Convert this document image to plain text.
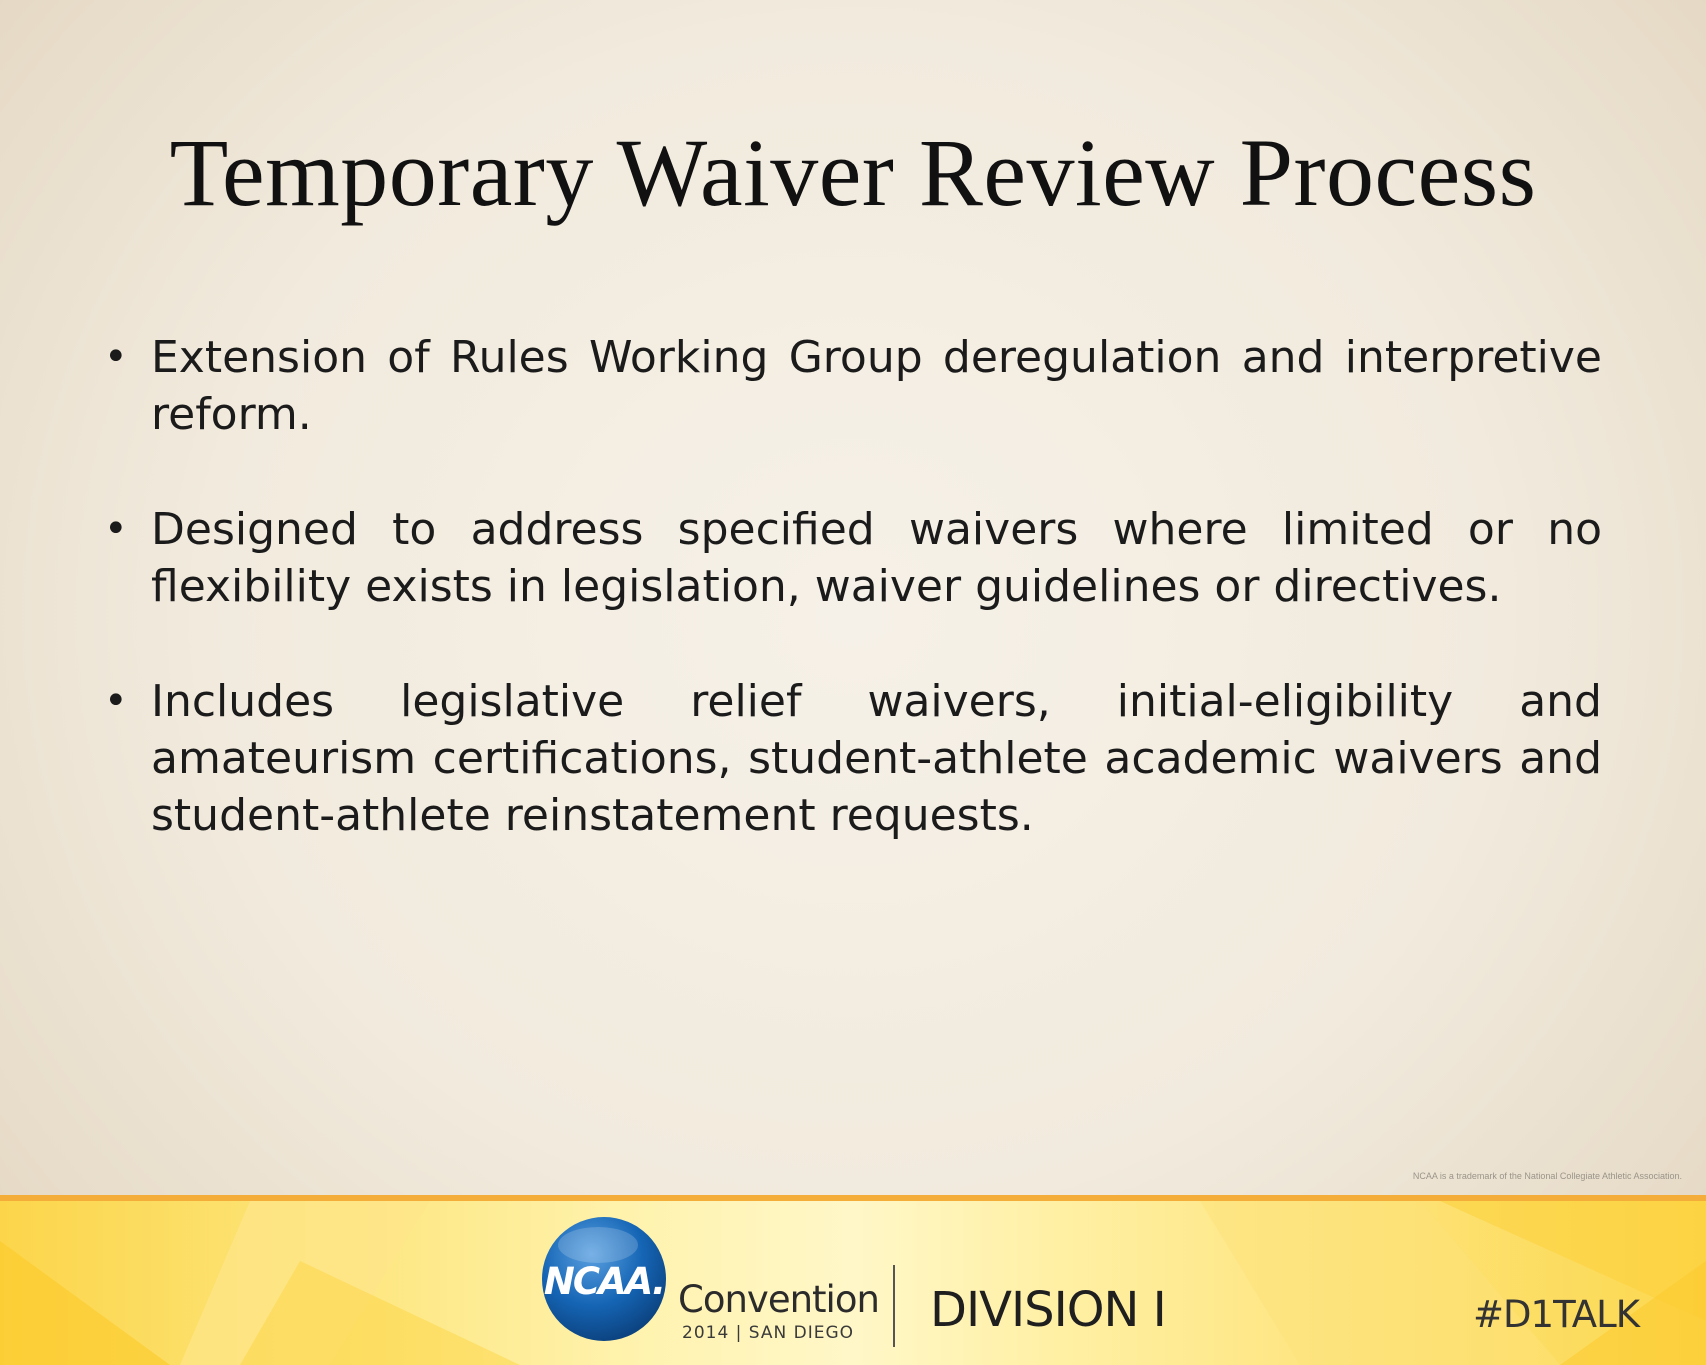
Temporary Waiver Review Process
• Extension of Rules Working Group deregulation and interpretive reform.
• Designed to address specified waivers where limited or no flexibility exists in legislation, waiver guidelines or directives.
• Includes legislative relief waivers, initial-eligibility and amateurism certifications, student-athlete academic waivers and student-athlete reinstatement requests.
NCAA is a trademark of the National Collegiate Athletic Association.
NCAA. Convention
2014 | SAN DIEGO DIVISION I	#D1TALK
